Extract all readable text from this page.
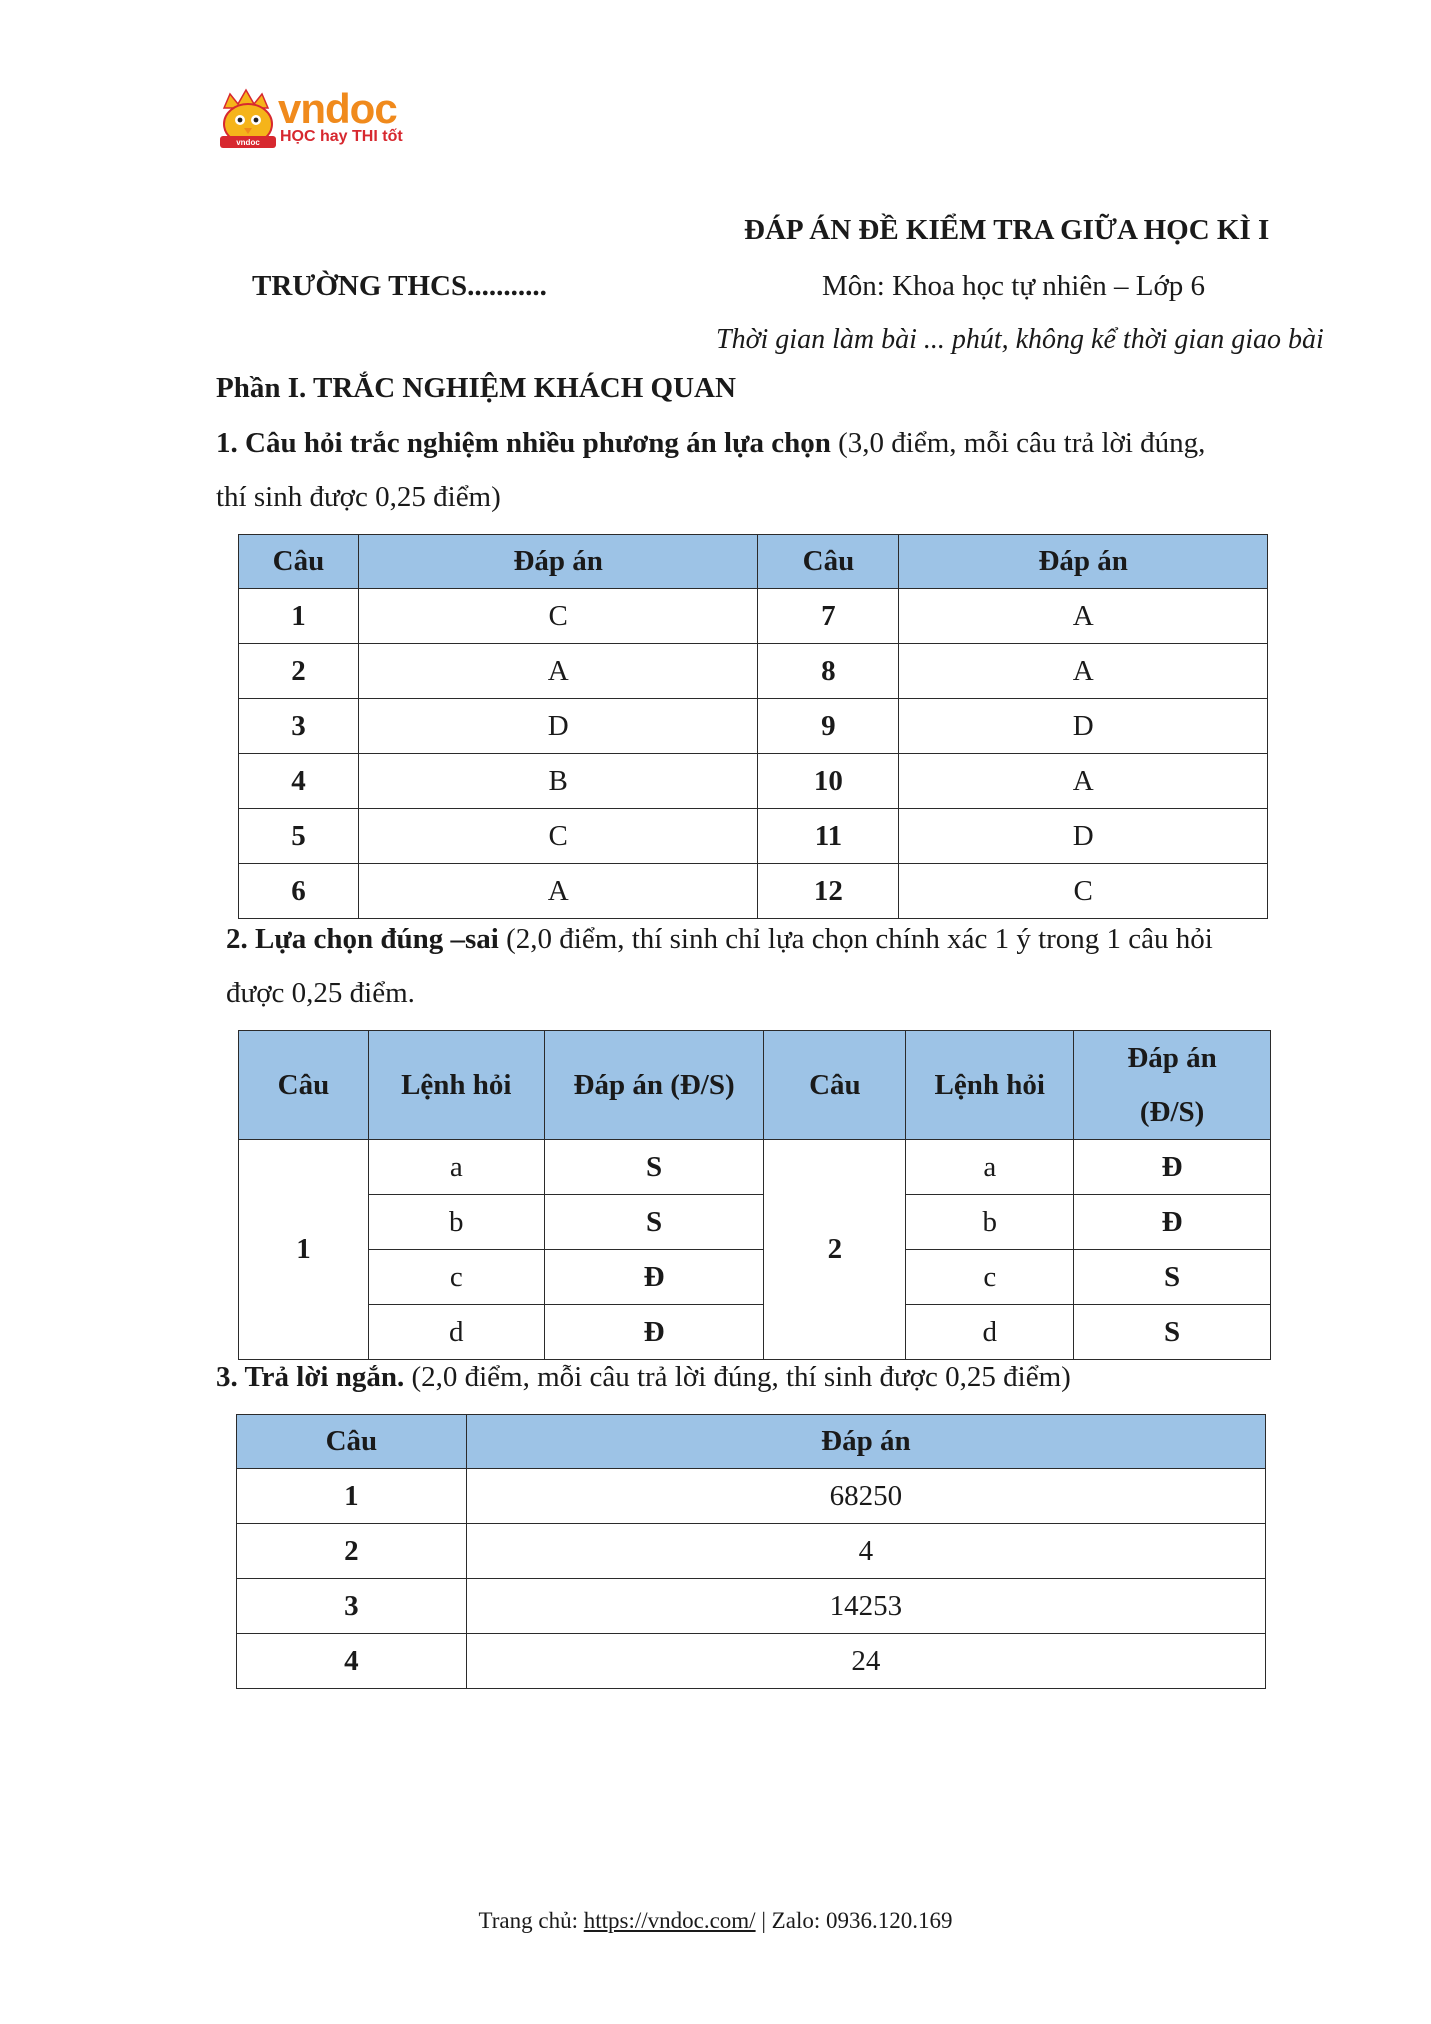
vndoc
vndoc
HỌC hay THI tốt
ĐÁP ÁN ĐỀ KIỂM TRA GIỮA HỌC KÌ I
TRƯỜNG THCS...........	Môn: Khoa học tự nhiên – Lớp 6
Thời gian làm bài ... phút, không kể thời gian giao bài
Phần I. TRẮC NGHIỆM KHÁCH QUAN
1. Câu hỏi trắc nghiệm nhiều phương án lựa chọn (3,0 điểm, mỗi câu trả lời đúng,
thí sinh được 0,25 điểm)
Câu	Đáp án	Câu	Đáp án
1	C	7	A
2	A	8	A
3	D	9	D
4	B	10	A
5	C	11	D
6	A	12	C
2. Lựa chọn đúng –sai (2,0 điểm, thí sinh chỉ lựa chọn chính xác 1 ý trong 1 câu hỏi
được 0,25 điểm.
Câu	Lệnh hỏi	Đáp án (Đ/S)	Câu	Lệnh hỏi	Đáp án
(Đ/S)
1	a	S	2	a	Đ
	b	S		b	Đ
	c	Đ		c	S
	d	Đ		d	S
3. Trả lời ngắn. (2,0 điểm, mỗi câu trả lời đúng, thí sinh được 0,25 điểm)
Câu	Đáp án
1	68250
2	4
3	14253
4	24
Trang chủ: https://vndoc.com/ | Zalo: 0936.120.169
